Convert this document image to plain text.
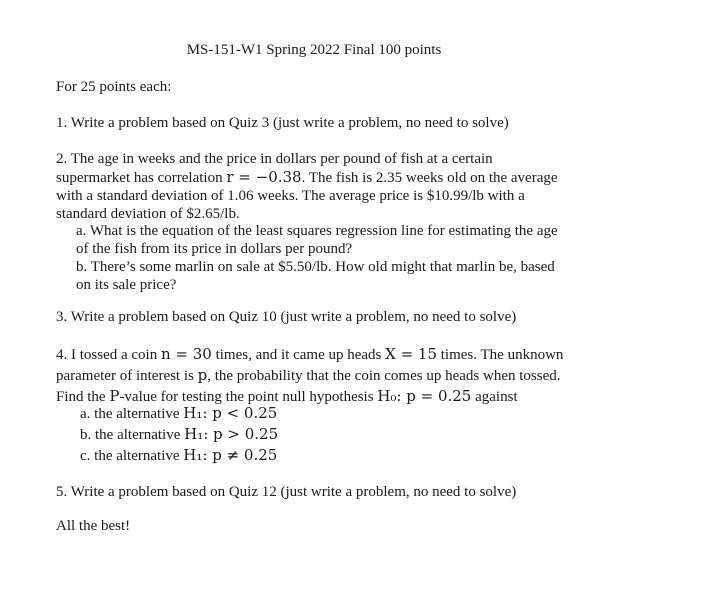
MS-151-W1 Spring 2022 Final 100 points
For 25 points each:
1. Write a problem based on Quiz 3 (just write a problem, no need to solve)

2. The age in weeks and the price in dollars per pound of fish at a certain

supermarket has correlation r = −0.38. The fish is 2.35 weeks old on the average

with a standard deviation of 1.06 weeks. The average price is $10.99/lb with a

standard deviation of $2.65/lb.

a. What is the equation of the least squares regression line for estimating the age

of the fish from its price in dollars per pound?

b. There’s some marlin on sale at $5.50/lb. How old might that marlin be, based

on its sale price?

3. Write a problem based on Quiz 10 (just write a problem, no need to solve)

4. I tossed a coin n = 30 times, and it came up heads X = 15 times. The unknown

parameter of interest is p, the probability that the coin comes up heads when tossed.

Find the P-value for testing the point null hypothesis H₀: p = 0.25 against

a. the alternative H₁: p < 0.25
b. the alternative H₁: p > 0.25
c. the alternative H₁: p ≠ 0.25
5. Write a problem based on Quiz 12 (just write a problem, no need to solve)
All the best!
